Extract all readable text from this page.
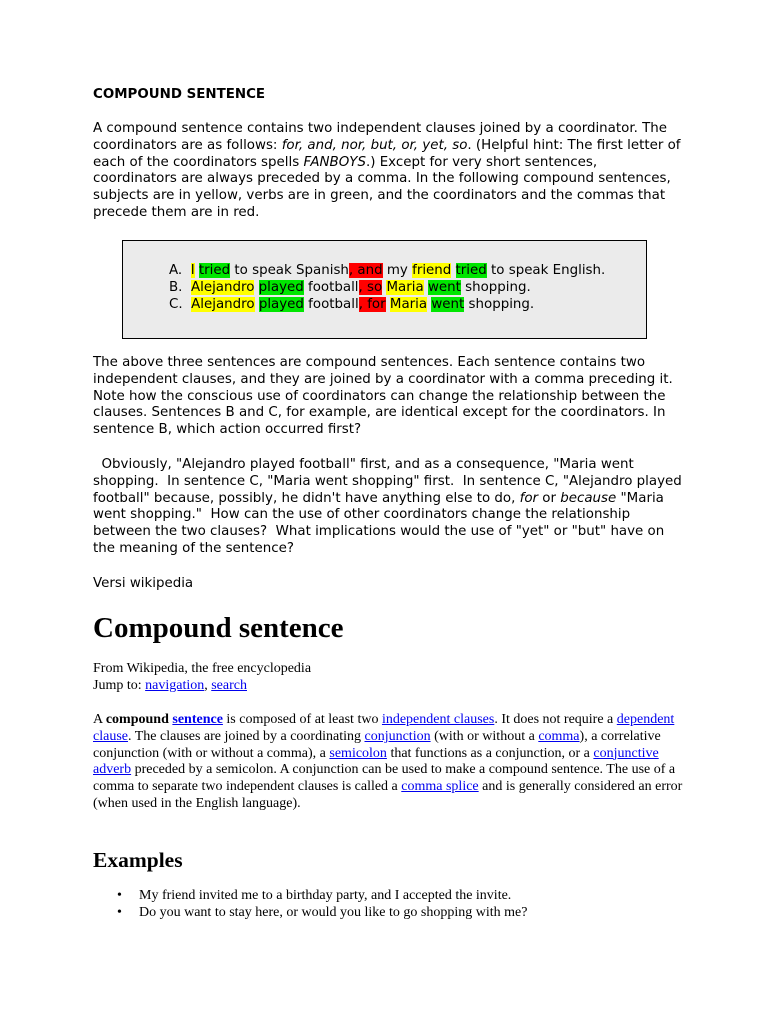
COMPOUND SENTENCE

A compound sentence contains two independent clauses joined by a coordinator. The coordinators are as follows: for, and, nor, but, or, yet, so. (Helpful hint: The first letter of each of the coordinators spells FANBOYS.) Except for very short sentences, coordinators are always preceded by a comma. In the following compound sentences, subjects are in yellow, verbs are in green, and the coordinators and the commas that precede them are in red.

A.  I tried to speak Spanish, and my friend tried to speak English.
B.  Alejandro played football, so Maria went shopping.
C.  Alejandro played football, for Maria went shopping.

The above three sentences are compound sentences. Each sentence contains two independent clauses, and they are joined by a coordinator with a comma preceding it. Note how the conscious use of coordinators can change the relationship between the clauses. Sentences B and C, for example, are identical except for the coordinators. In sentence B, which action occurred first?

Obviously, "Alejandro played football" first, and as a consequence, "Maria went shopping.  In sentence C, "Maria went shopping" first.  In sentence C, "Alejandro played football" because, possibly, he didn't have anything else to do, for or because "Maria went shopping."  How can the use of other coordinators change the relationship between the two clauses?  What implications would the use of "yet" or "but" have on the meaning of the sentence?

Versi wikipedia

Compound sentence
From Wikipedia, the free encyclopedia
Jump to: navigation, search

A compound sentence is composed of at least two independent clauses. It does not require a dependent clause. The clauses are joined by a coordinating conjunction (with or without a comma), a correlative conjunction (with or without a comma), a semicolon that functions as a conjunction, or a conjunctive adverb preceded by a semicolon. A conjunction can be used to make a compound sentence. The use of a comma to separate two independent clauses is called a comma splice and is generally considered an error (when used in the English language).

Examples
• My friend invited me to a birthday party, and I accepted the invite.
• Do you want to stay here, or would you like to go shopping with me?
